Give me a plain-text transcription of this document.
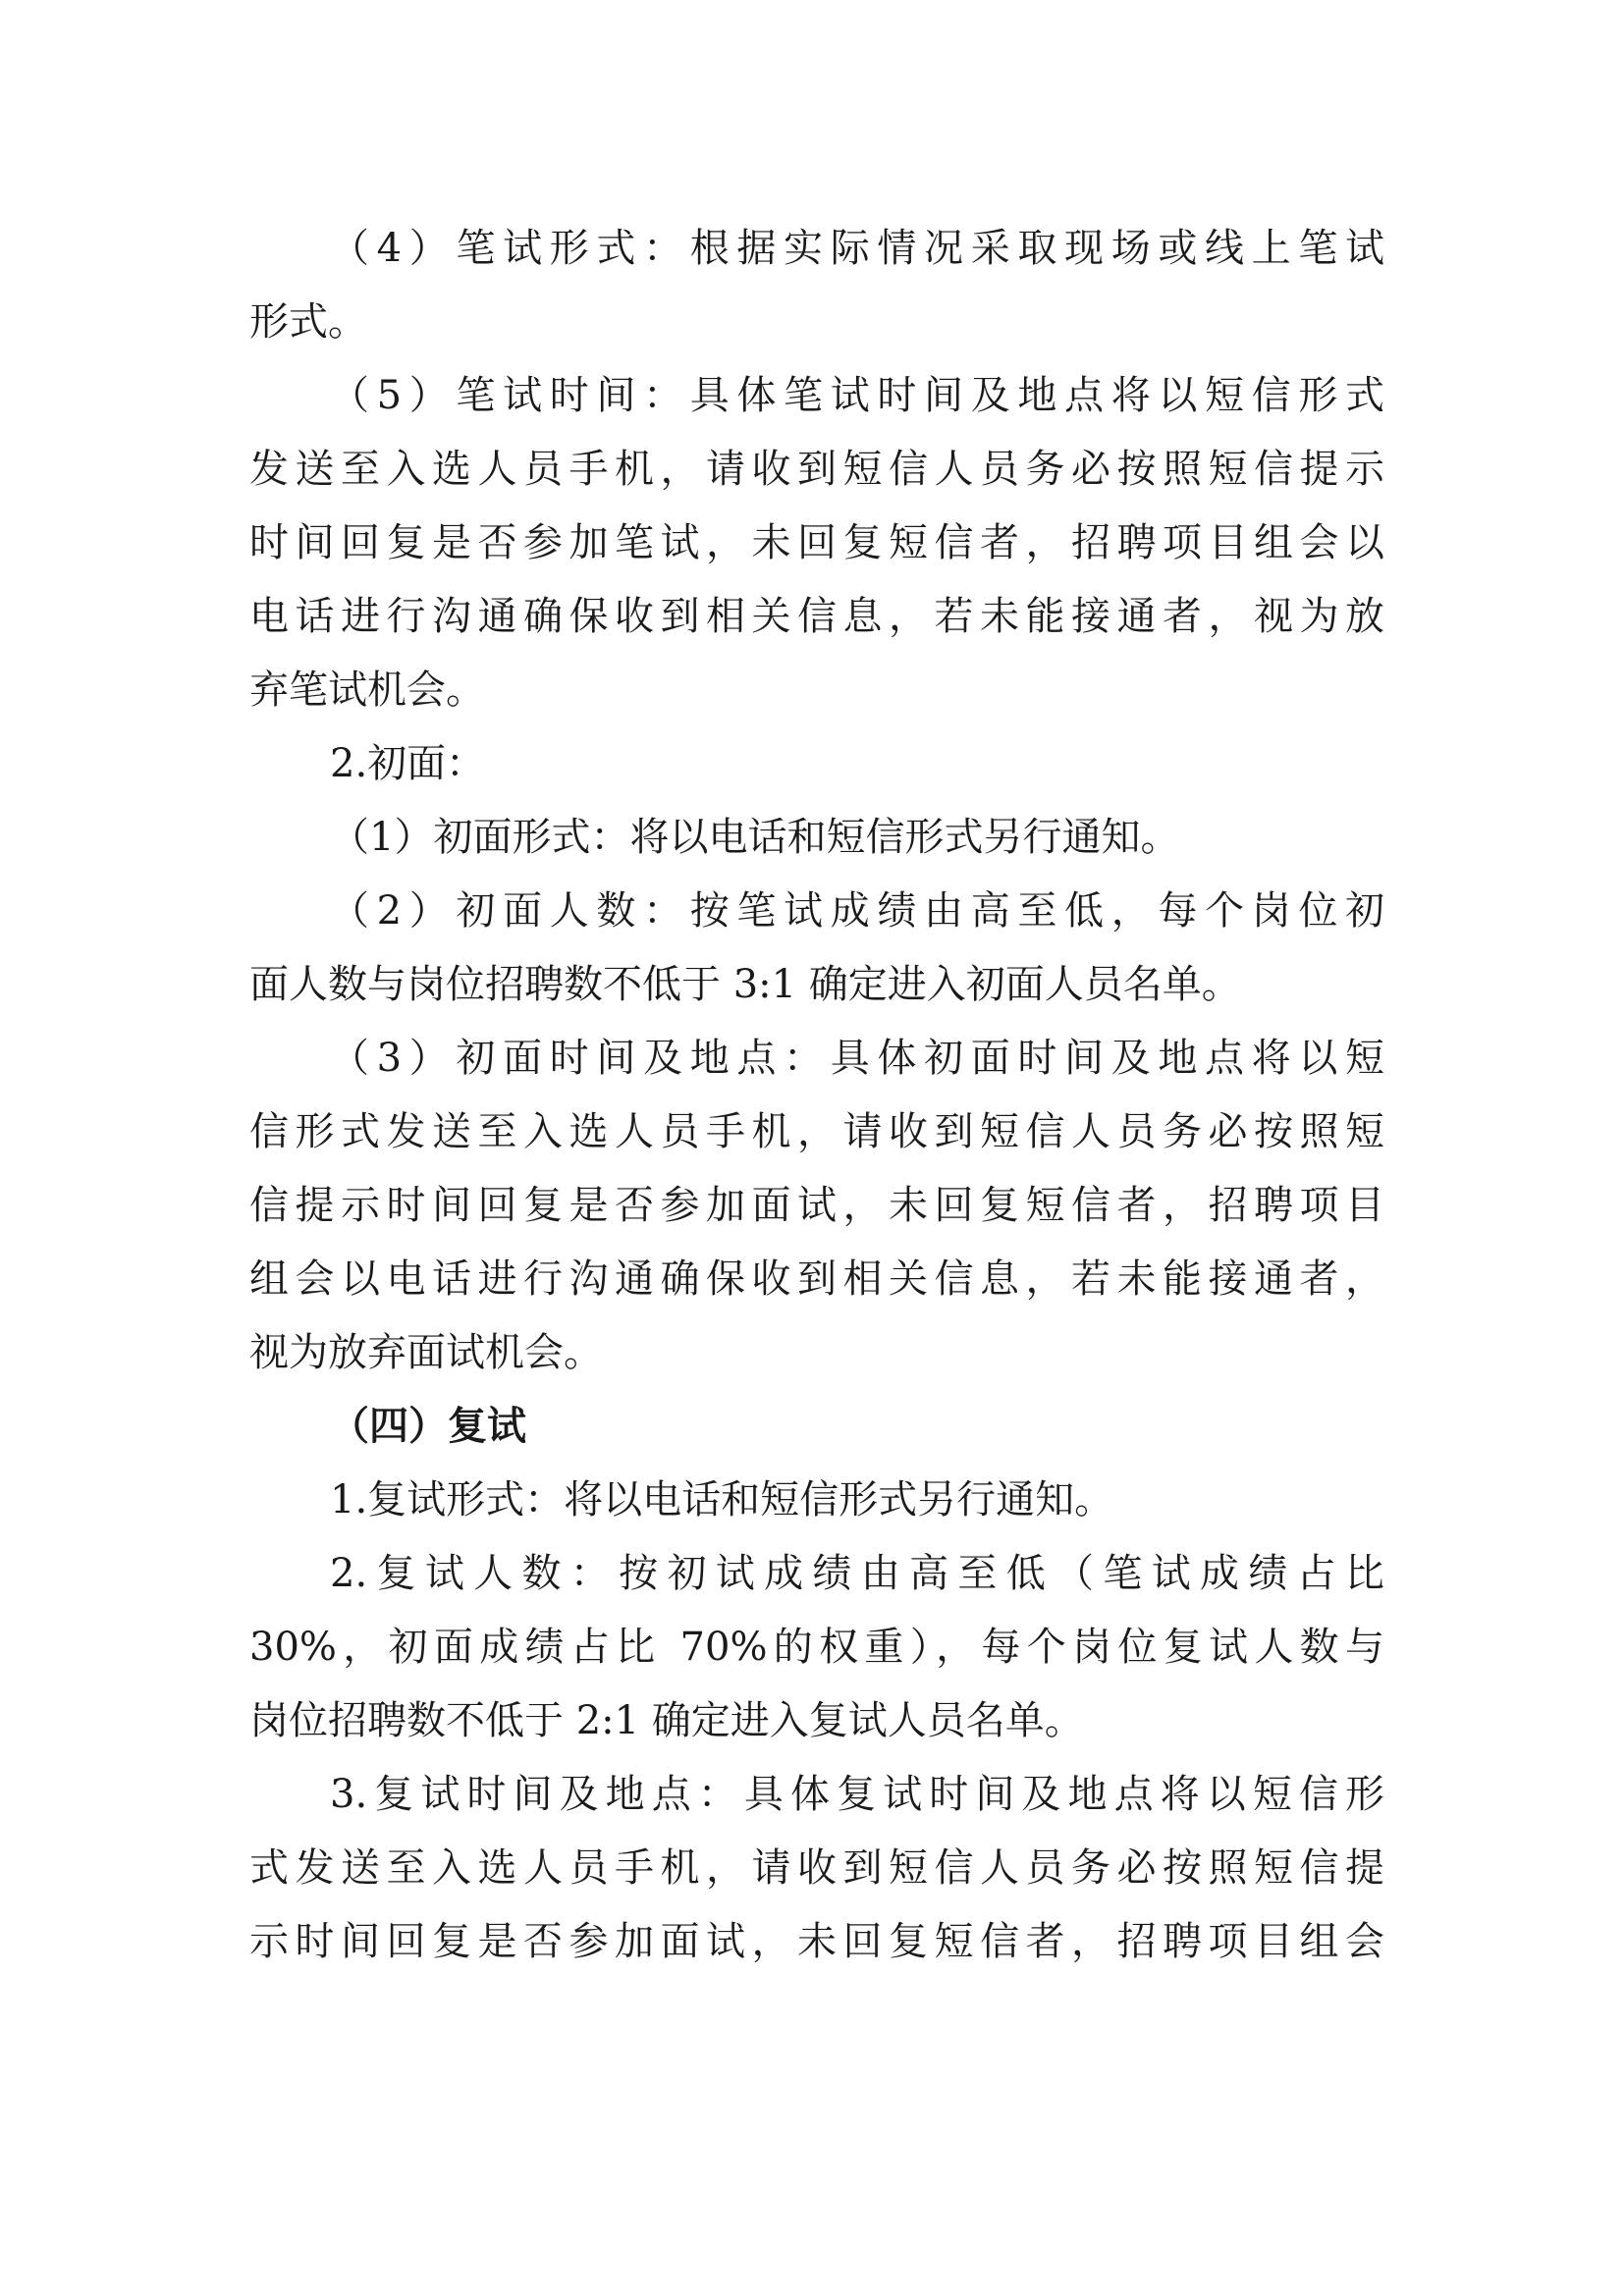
（4）笔试形式：根据实际情况采取现场或线上笔试
形式。
（5）笔试时间：具体笔试时间及地点将以短信形式
发送至入选人员手机，请收到短信人员务必按照短信提示
时间回复是否参加笔试，未回复短信者，招聘项目组会以
电话进行沟通确保收到相关信息，若未能接通者，视为放
弃笔试机会。
2.初面：
（1）初面形式：将以电话和短信形式另行通知。
（2）初面人数：按笔试成绩由高至低，每个岗位初
面人数与岗位招聘数不低于 3:1 确定进入初面人员名单。
（3）初面时间及地点：具体初面时间及地点将以短
信形式发送至入选人员手机，请收到短信人员务必按照短
信提示时间回复是否参加面试，未回复短信者，招聘项目
组会以电话进行沟通确保收到相关信息，若未能接通者，
视为放弃面试机会。
（四）复试
1.复试形式：将以电话和短信形式另行通知。
2.复试人数：按初试成绩由高至低（笔试成绩占比
30%，初面成绩占比 70%的权重），每个岗位复试人数与
岗位招聘数不低于 2:1 确定进入复试人员名单。
3.复试时间及地点：具体复试时间及地点将以短信形
式发送至入选人员手机，请收到短信人员务必按照短信提
示时间回复是否参加面试，未回复短信者，招聘项目组会
